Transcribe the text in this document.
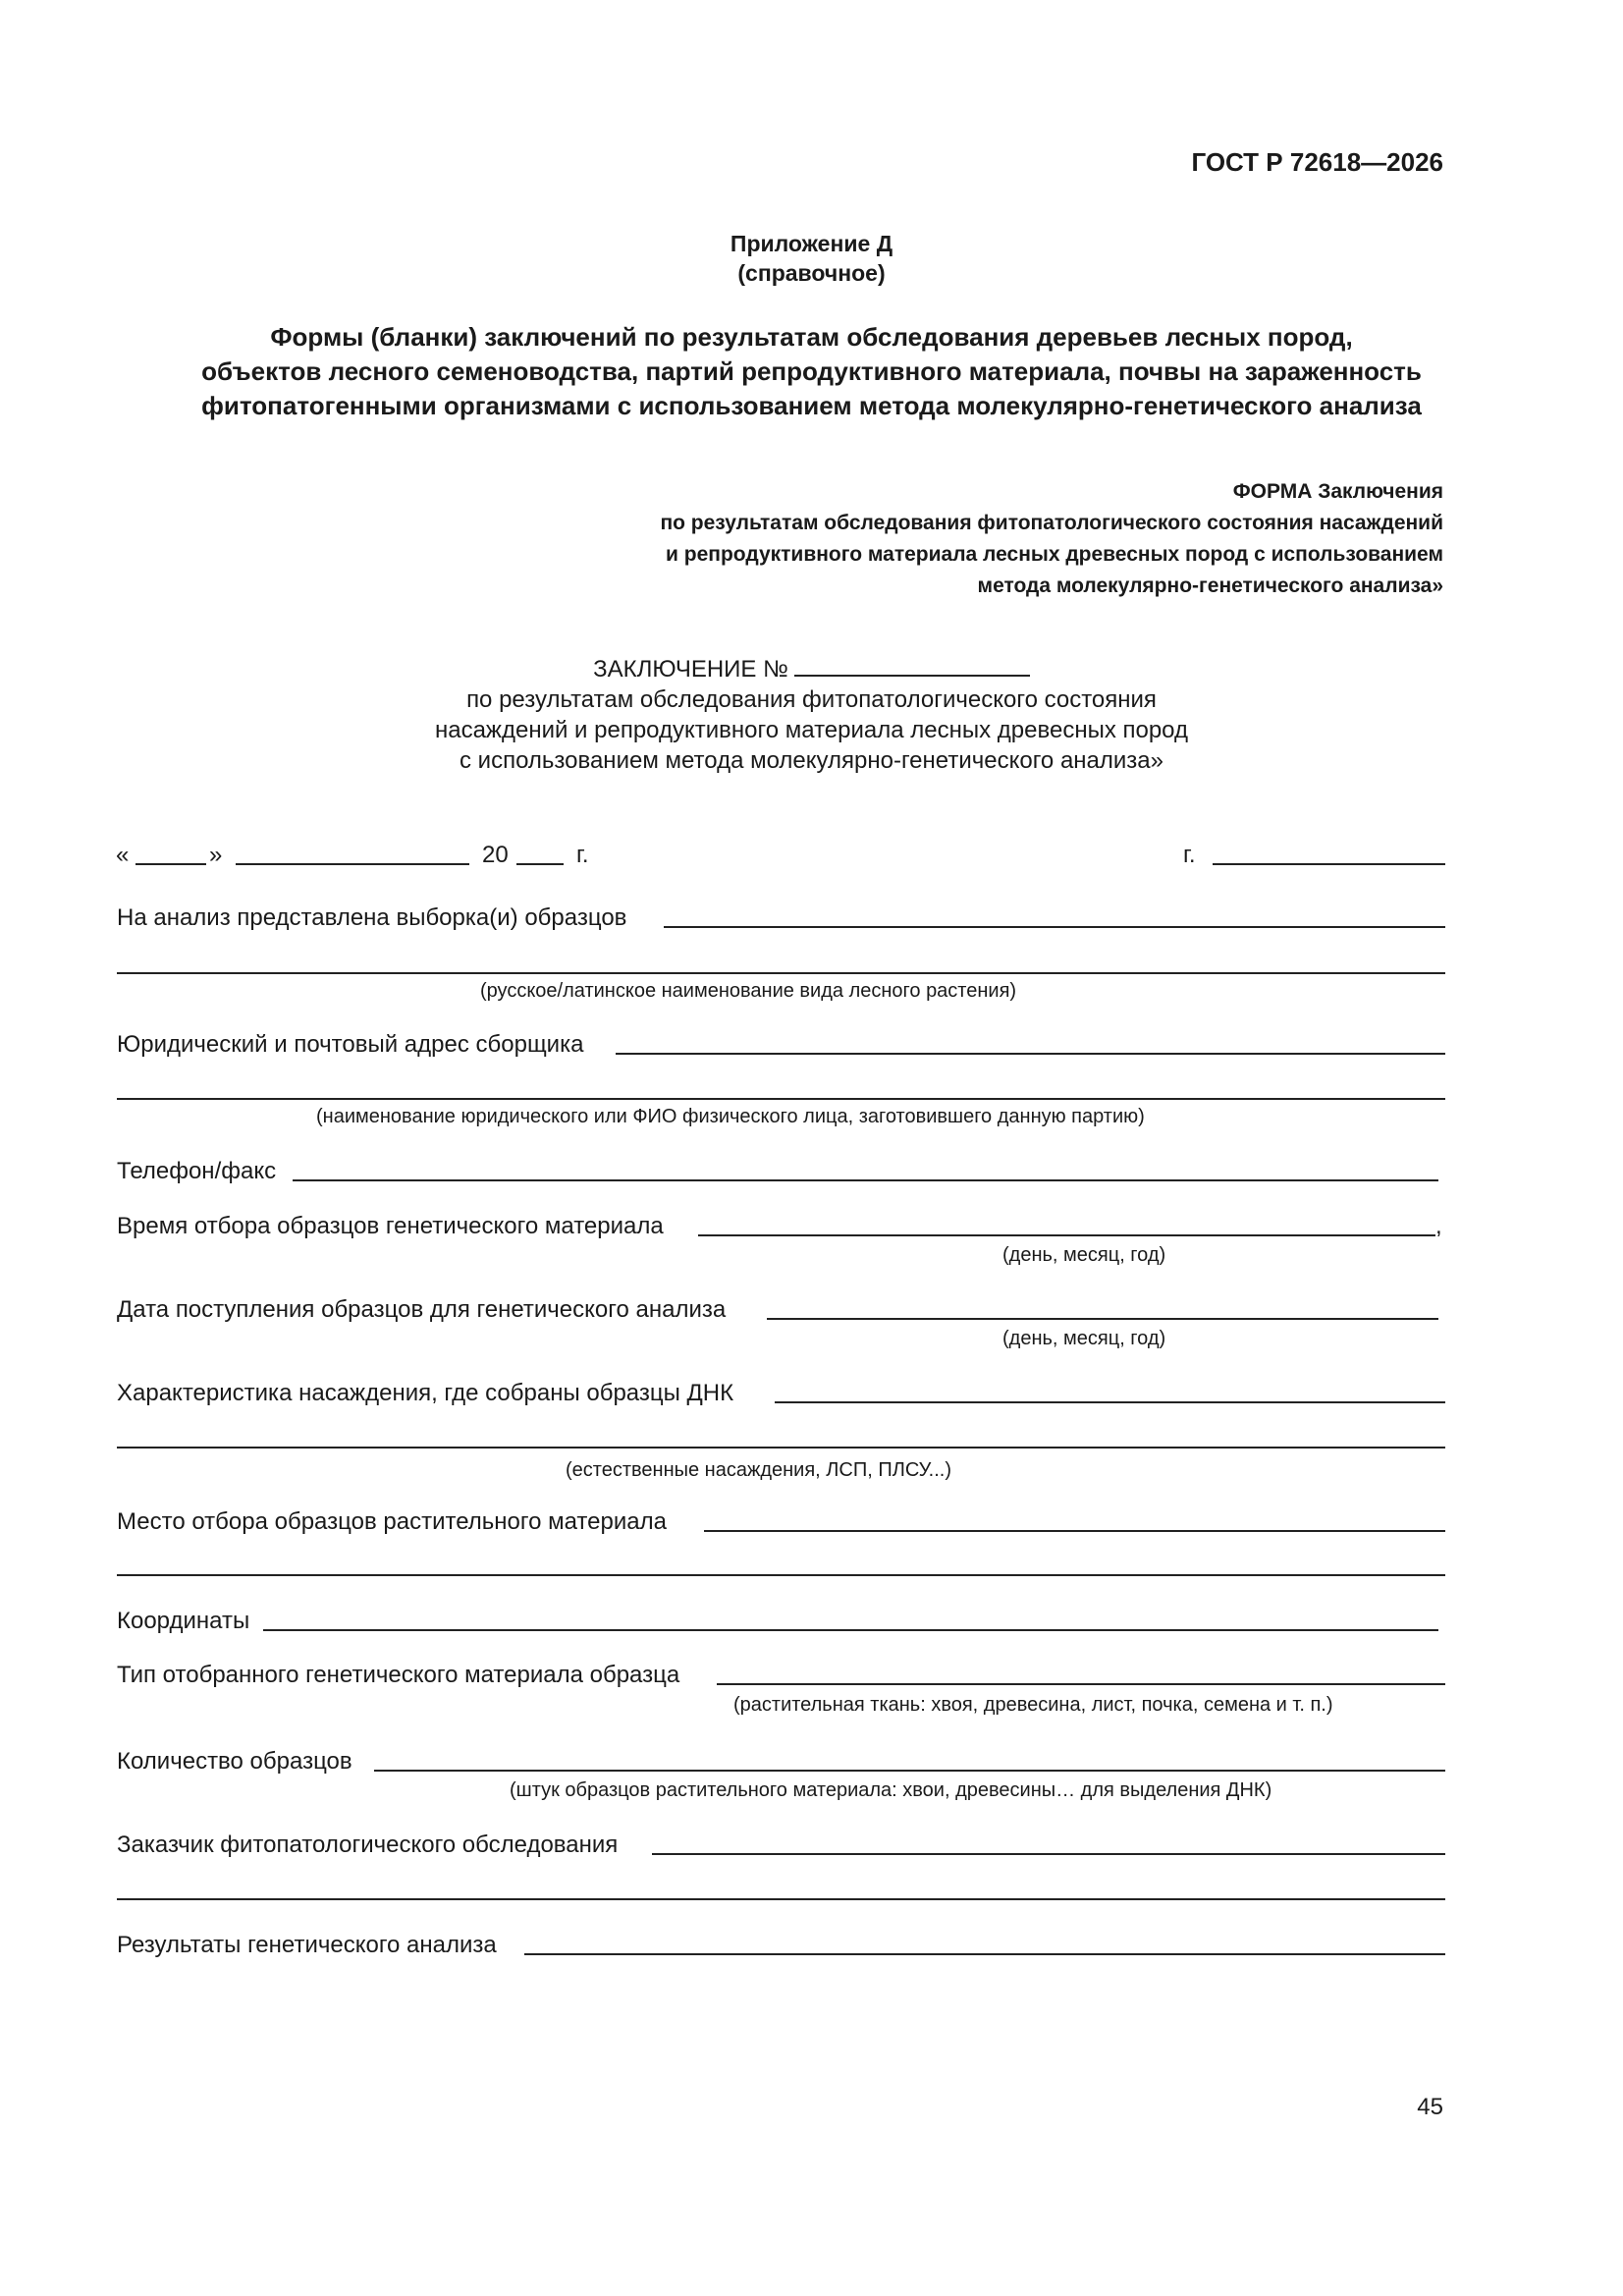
ГОСТ Р 72618—2026
Приложение Д
(справочное)
Формы (бланки) заключений по результатам обследования деревьев лесных пород,
объектов лесного семеноводства, партий репродуктивного материала, почвы на зараженность
фитопатогенными организмами с использованием метода молекулярно-генетического анализа
ФОРМА Заключения
по результатам обследования фитопатологического состояния насаждений
и репродуктивного материала лесных древесных пород с использованием
метода молекулярно-генетического анализа»
ЗАКЛЮЧЕНИЕ №
по результатам обследования фитопатологического состояния
насаждений и репродуктивного материала лесных древесных пород
с использованием метода молекулярно-генетического анализа»
«	»	20	г.	г.
На анализ представлена выборка(и) образцов
(русское/латинское наименование вида лесного растения)
Юридический и почтовый адрес сборщика
(наименование юридического или ФИО физического лица, заготовившего данную партию)
Телефон/факс
Время отбора образцов генетического материала	,
(день, месяц, год)
Дата поступления образцов для генетического анализа
(день, месяц, год)
Характеристика насаждения, где собраны образцы ДНК
(естественные насаждения, ЛСП, ПЛСУ...)
Место отбора образцов растительного материала
Координаты
Тип отобранного генетического материала образца
(растительная ткань: хвоя, древесина, лист, почка, семена и т. п.)
Количество образцов
(штук образцов растительного материала: хвои, древесины… для выделения ДНК)
Заказчик фитопатологического обследования
Результаты генетического анализа
45
